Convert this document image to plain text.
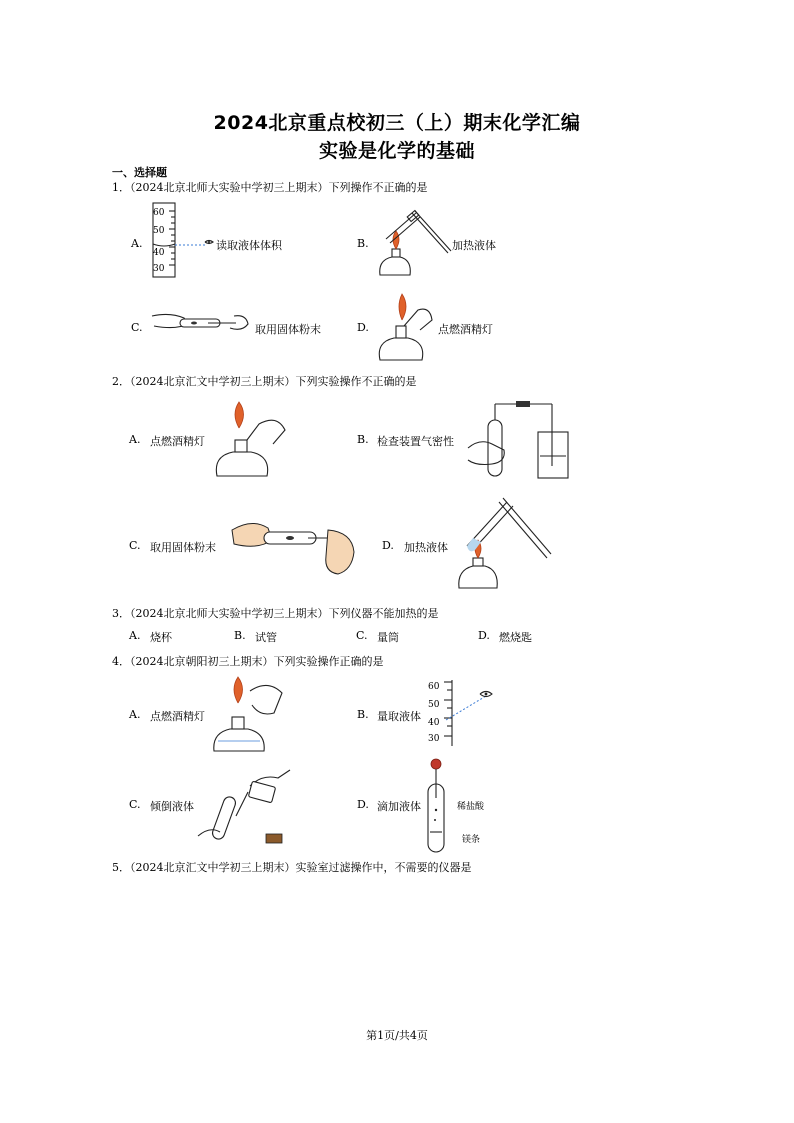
2024北京重点校初三（上）期末化学汇编
实验是化学的基础
一、选择题
1．（2024北京北师大实验中学初三上期末）下列操作不正确的是
A.
60
50
40
30
读取液体体积	B.	加热液体
C.	取用固体粉末	D.	点燃酒精灯
2．（2024北京汇文中学初三上期末）下列实验操作不正确的是
A. 点燃酒精灯	B. 检查装置气密性
C. 取用固体粉末	D. 加热液体
3．（2024北京北师大实验中学初三上期末）下列仪器不能加热的是
A. 烧杯	B. 试管	C. 量筒	D. 燃烧匙
4．（2024北京朝阳初三上期末）下列实验操作正确的是
A. 点燃酒精灯	B. 量取液体
60
50
40
30
C. 倾倒液体	D. 滴加液体	稀盐酸
镁条
5．（2024北京汇文中学初三上期末）实验室过滤操作中，不需要的仪器是
第1页/共4页
